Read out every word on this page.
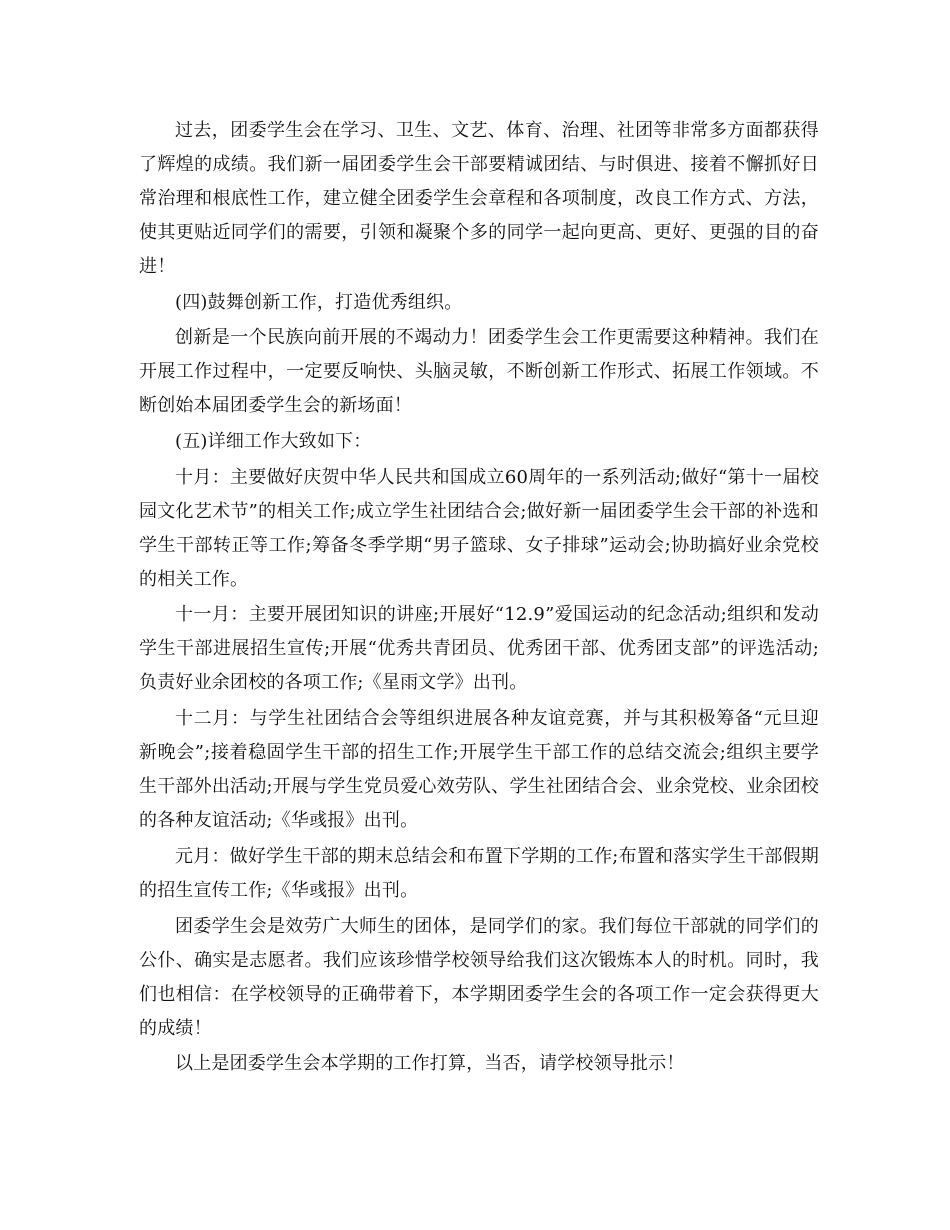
过去，团委学生会在学习、卫生、文艺、体育、治理、社团等非常多方面都获得了辉煌的成绩。我们新一届团委学生会干部要精诚团结、与时俱进、接着不懈抓好日常治理和根底性工作，建立健全团委学生会章程和各项制度，改良工作方式、方法，使其更贴近同学们的需要，引领和凝聚个多的同学一起向更高、更好、更强的目的奋进！

(四)鼓舞创新工作，打造优秀组织。

创新是一个民族向前开展的不竭动力！团委学生会工作更需要这种精神。我们在开展工作过程中，一定要反响快、头脑灵敏，不断创新工作形式、拓展工作领域。不断创始本届团委学生会的新场面！

(五)详细工作大致如下：

十月：主要做好庆贺中华人民共和国成立60周年的一系列活动;做好“第十一届校园文化艺术节”的相关工作;成立学生社团结合会;做好新一届团委学生会干部的补选和学生干部转正等工作;筹备冬季学期“男子篮球、女子排球”运动会;协助搞好业余党校的相关工作。

十一月：主要开展团知识的讲座;开展好“12.9”爱国运动的纪念活动;组织和发动学生干部进展招生宣传;开展“优秀共青团员、优秀团干部、优秀团支部”的评选活动;负责好业余团校的各项工作;《星雨文学》出刊。

十二月：与学生社团结合会等组织进展各种友谊竞赛，并与其积极筹备“元旦迎新晚会”;接着稳固学生干部的招生工作;开展学生干部工作的总结交流会;组织主要学生干部外出活动;开展与学生党员爱心效劳队、学生社团结合会、业余党校、业余团校的各种友谊活动;《华彧报》出刊。

元月：做好学生干部的期末总结会和布置下学期的工作;布置和落实学生干部假期的招生宣传工作;《华彧报》出刊。

团委学生会是效劳广大师生的团体，是同学们的家。我们每位干部就的同学们的公仆、确实是志愿者。我们应该珍惜学校领导给我们这次锻炼本人的时机。同时，我们也相信：在学校领导的正确带着下，本学期团委学生会的各项工作一定会获得更大的成绩！

以上是团委学生会本学期的工作打算，当否，请学校领导批示！
